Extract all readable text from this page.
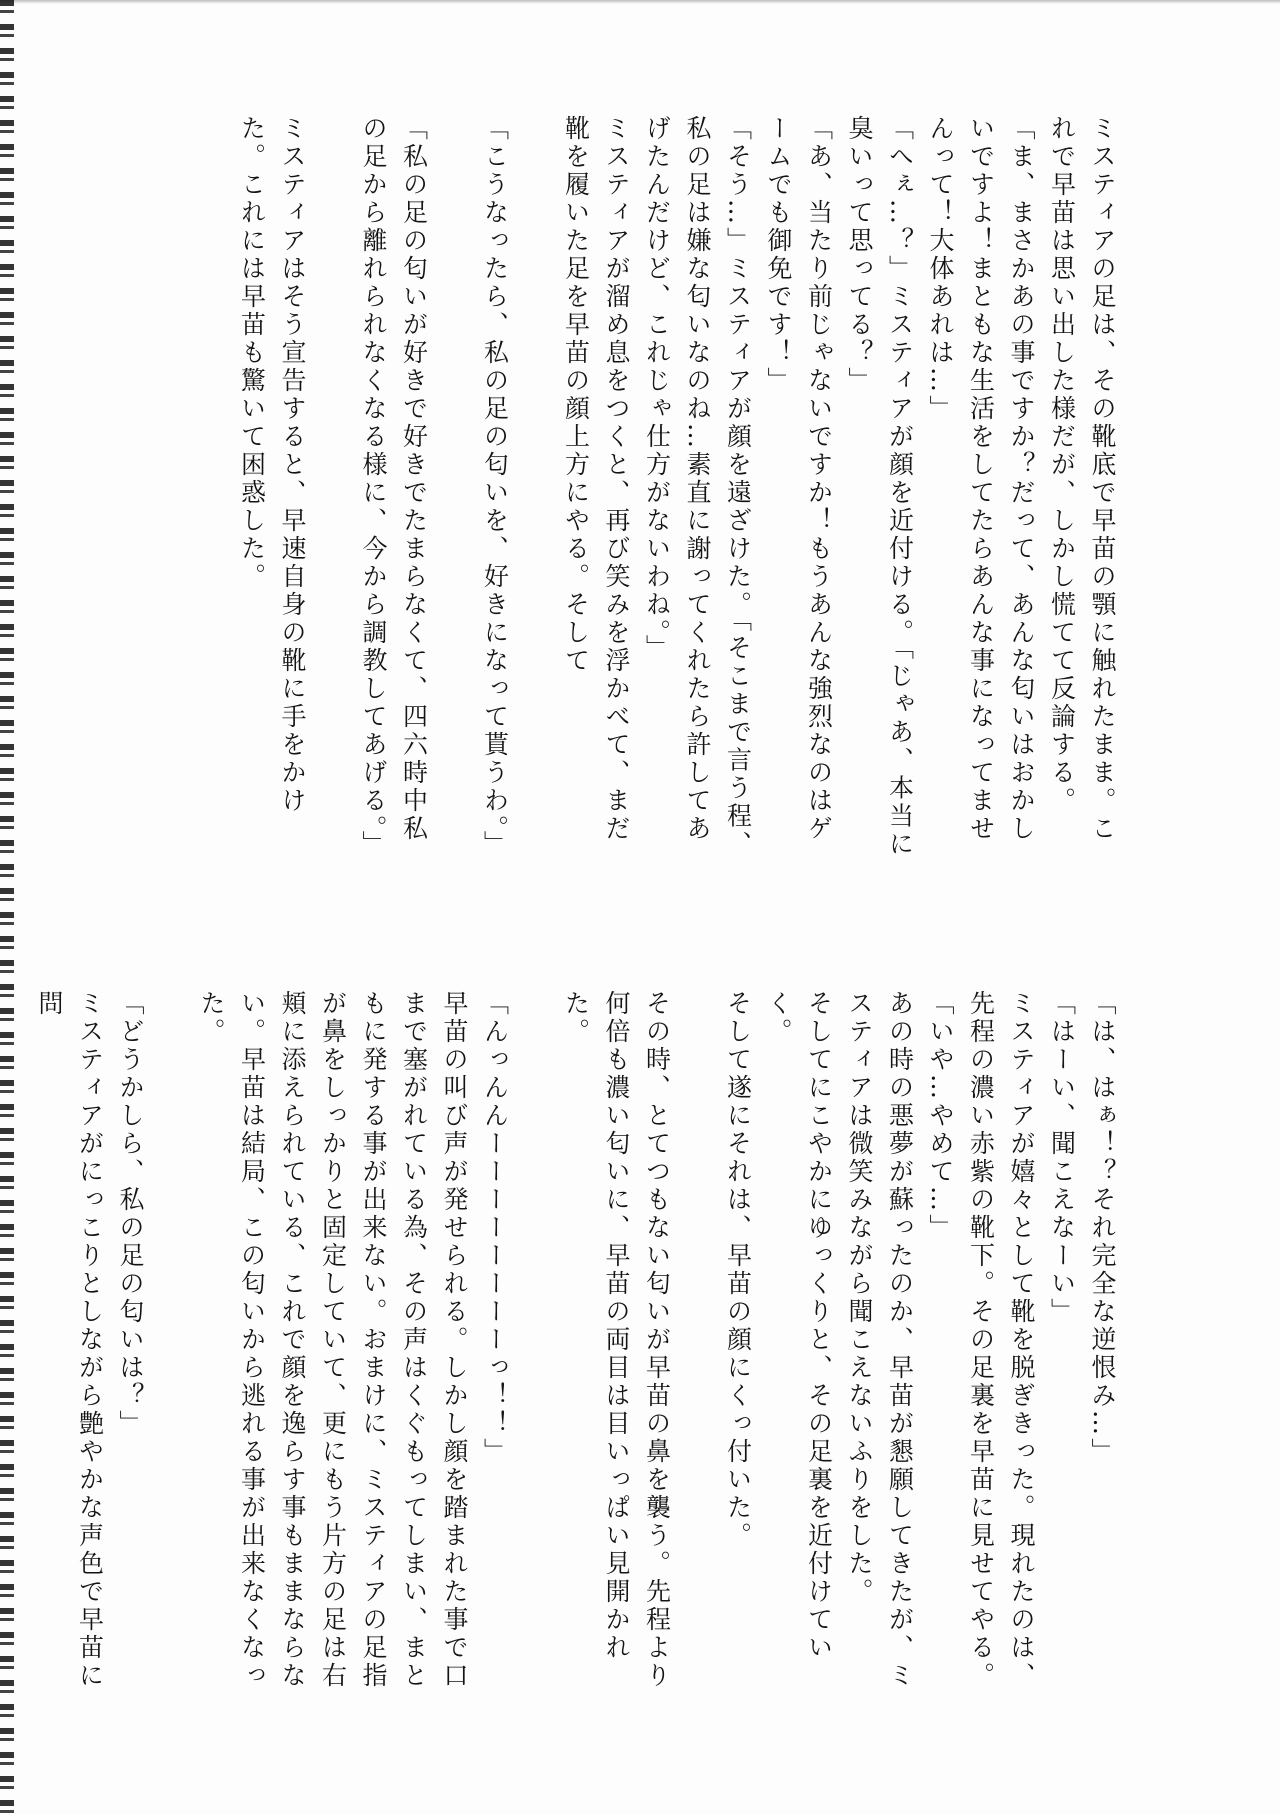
ミスティアの足は、その靴底で早苗の顎に触れたまま。これで早苗は思い出した様だが、しかし慌てて反論する。

「ま、まさかあの事ですか？だって、あんな匂いはおかしいですよ！まともな生活をしてたらあんな事になってませんって！大体あれは…」

「へぇ…？」ミスティアが顔を近付ける。「じゃあ、本当に臭いって思ってる？」

「あ、当たり前じゃないですか！もうあんな強烈なのはゲームでも御免です！」

「そう…」ミスティアが顔を遠ざけた。「そこまで言う程、私の足は嫌な匂いなのね…素直に謝ってくれたら許してあげたんだけど、これじゃ仕方がないわね。」

ミスティアが溜め息をつくと、再び笑みを浮かべて、まだ靴を履いた足を早苗の顔上方にやる。そして

「こうなったら、私の足の匂いを、好きになって貰うわ。」

「私の足の匂いが好きで好きでたまらなくて、四六時中私の足から離れられなくなる様に、今から調教してあげる。」

ミスティアはそう宣告すると、早速自身の靴に手をかけた。これには早苗も驚いて困惑した。

「は、はぁ！？それ完全な逆恨み…」

「はーい、聞こえなーい」

ミスティアが嬉々として靴を脱ぎきった。現れたのは、先程の濃い赤紫の靴下。その足裏を早苗に見せてやる。

「いや…やめて…」

あの時の悪夢が蘇ったのか、早苗が懇願してきたが、ミスティアは微笑みながら聞こえないふりをした。

そしてにこやかにゆっくりと、その足裏を近付けていく。

そして遂にそれは、早苗の顔にくっ付いた。

その時、とてつもない匂いが早苗の鼻を襲う。先程より何倍も濃い匂いに、早苗の両目は目いっぱい見開かれた。

「んっんんーーーーーーーーっ！！」

早苗の叫び声が発せられる。しかし顔を踏まれた事で口まで塞がれている為、その声はくぐもってしまい、まともに発する事が出来ない。おまけに、ミスティアの足指が鼻をしっかりと固定していて、更にもう片方の足は右頬に添えられている、これで顔を逸らす事もままならない。早苗は結局、この匂いから逃れる事が出来なくなった。

「どうかしら、私の足の匂いは？」

ミスティアがにっこりとしながら艶やかな声色で早苗に問
